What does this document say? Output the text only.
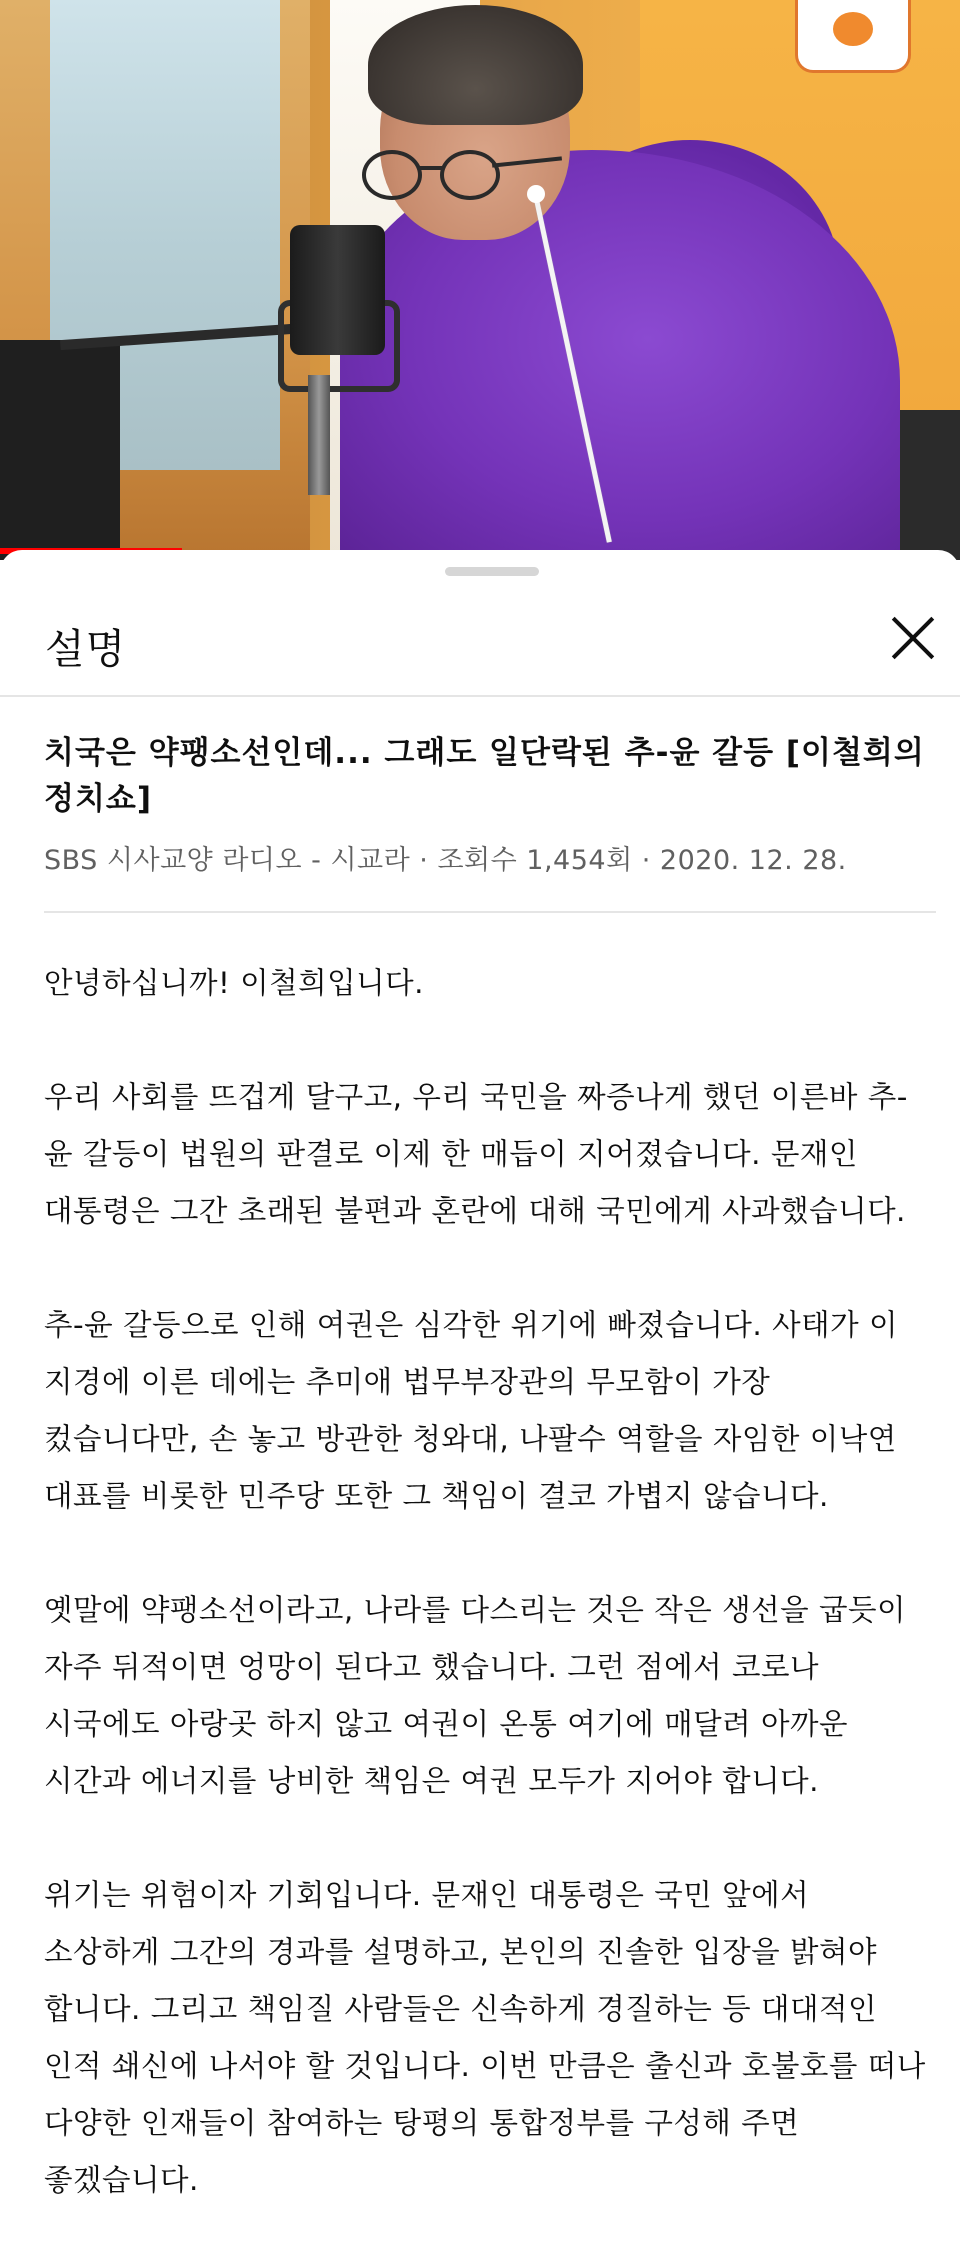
설명
치국은 약팽소선인데... 그래도 일단락된 추-윤 갈등 [이철희의
정치쇼]
SBS 시사교양 라디오 - 시교라 · 조회수 1,454회 · 2020. 12. 28.

안녕하십니까! 이철희입니다.

우리 사회를 뜨겁게 달구고, 우리 국민을 짜증나게 했던 이른바 추-
윤 갈등이 법원의 판결로 이제 한 매듭이 지어졌습니다. 문재인
대통령은 그간 초래된 불편과 혼란에 대해 국민에게 사과했습니다.

추-윤 갈등으로 인해 여권은 심각한 위기에 빠졌습니다. 사태가 이
지경에 이른 데에는 추미애 법무부장관의 무모함이 가장
컸습니다만, 손 놓고 방관한 청와대, 나팔수 역할을 자임한 이낙연
대표를 비롯한 민주당 또한 그 책임이 결코 가볍지 않습니다.

옛말에 약팽소선이라고, 나라를 다스리는 것은 작은 생선을 굽듯이
자주 뒤적이면 엉망이 된다고 했습니다. 그런 점에서 코로나
시국에도 아랑곳 하지 않고 여권이 온통 여기에 매달려 아까운
시간과 에너지를 낭비한 책임은 여권 모두가 지어야 합니다.

위기는 위험이자 기회입니다. 문재인 대통령은 국민 앞에서
소상하게 그간의 경과를 설명하고, 본인의 진솔한 입장을 밝혀야
합니다. 그리고 책임질 사람들은 신속하게 경질하는 등 대대적인
인적 쇄신에 나서야 할 것입니다. 이번 만큼은 출신과 호불호를 떠나
다양한 인재들이 참여하는 탕평의 통합정부를 구성해 주면
좋겠습니다.
